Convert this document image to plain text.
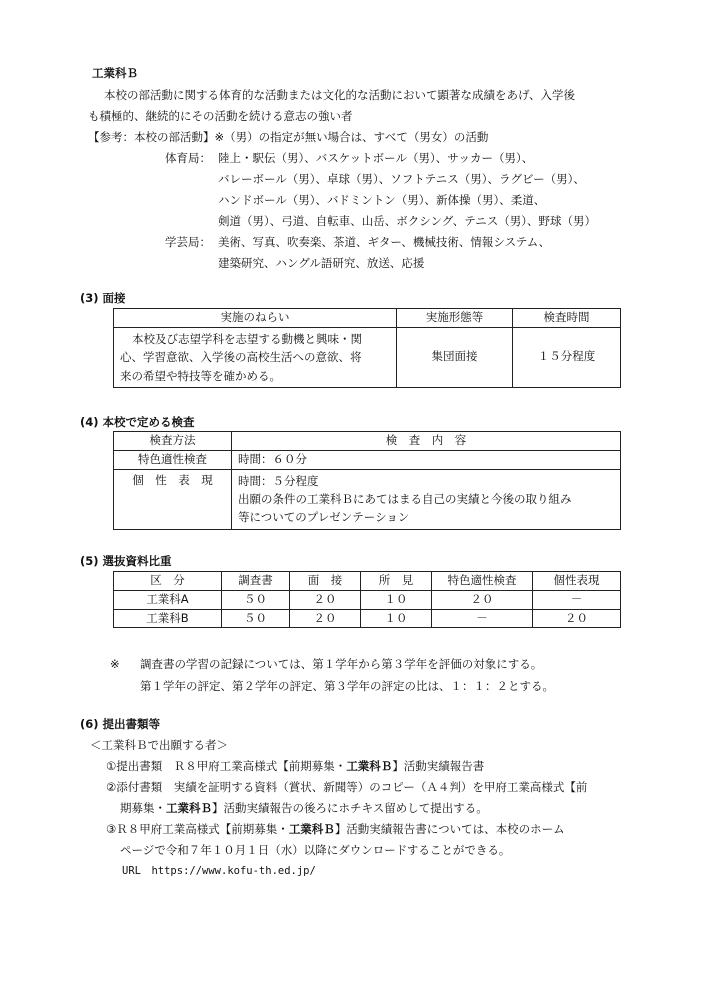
工業科Ｂ
本校の部活動に関する体育的な活動または文化的な活動において顕著な成績をあげ、入学後
も積極的、継続的にその活動を続ける意志の強い者
【参考：本校の部活動】※（男）の指定が無い場合は、すべて（男女）の活動
体育局： 陸上・駅伝（男）、バスケットボール（男）、サッカー（男）、
バレーボール（男）、卓球（男）、ソフトテニス（男）、ラグビー（男）、
ハンドボール（男）、バドミントン（男）、新体操（男）、柔道、
剣道（男）、弓道、自転車、山岳、ボクシング、テニス（男）、野球（男）
学芸局： 美術、写真、吹奏楽、茶道、ギター、機械技術、情報システム、
建築研究、ハングル語研究、放送、応援
(3) 面接
実施のねらい	実施形態等	検査時間

本校及び志望学科を志望する動機と興味・関
心、学習意欲、入学後の高校生活への意欲、将
来の希望や特技等を確かめる。	集団面接	１５分程度
(4) 本校で定める検査
検査方法	検　査　内　容
特色適性検査	時間：６０分
個　性　表　現	時間：５分程度
出願の条件の工業科Ｂにあてはまる自己の実績と今後の取り組み
等についてのプレゼンテーション
(5) 選抜資料比重
区　分	調査書	面　接	所　見	特色適性検査	個性表現
工業科A	５０	２０	１０	２０	－
工業科B	５０	２０	１０	－	２０
※ 調査書の学習の記録については、第１学年から第３学年を評価の対象にする。
第１学年の評定、第２学年の評定、第３学年の評定の比は、１：１：２とする。
(6) 提出書類等
＜工業科Ｂで出願する者＞
①提出書類　Ｒ８甲府工業高様式【前期募集・工業科Ｂ】活動実績報告書
②添付書類　実績を証明する資料（賞状、新聞等）のコピー（Ａ４判）を甲府工業高様式【前
期募集・工業科Ｂ】活動実績報告の後ろにホチキス留めして提出する。
③Ｒ８甲府工業高様式【前期募集・工業科Ｂ】活動実績報告書については、本校のホーム
ページで令和７年１０月１日（水）以降にダウンロードすることができる。
URL　https://www.kofu-th.ed.jp/
